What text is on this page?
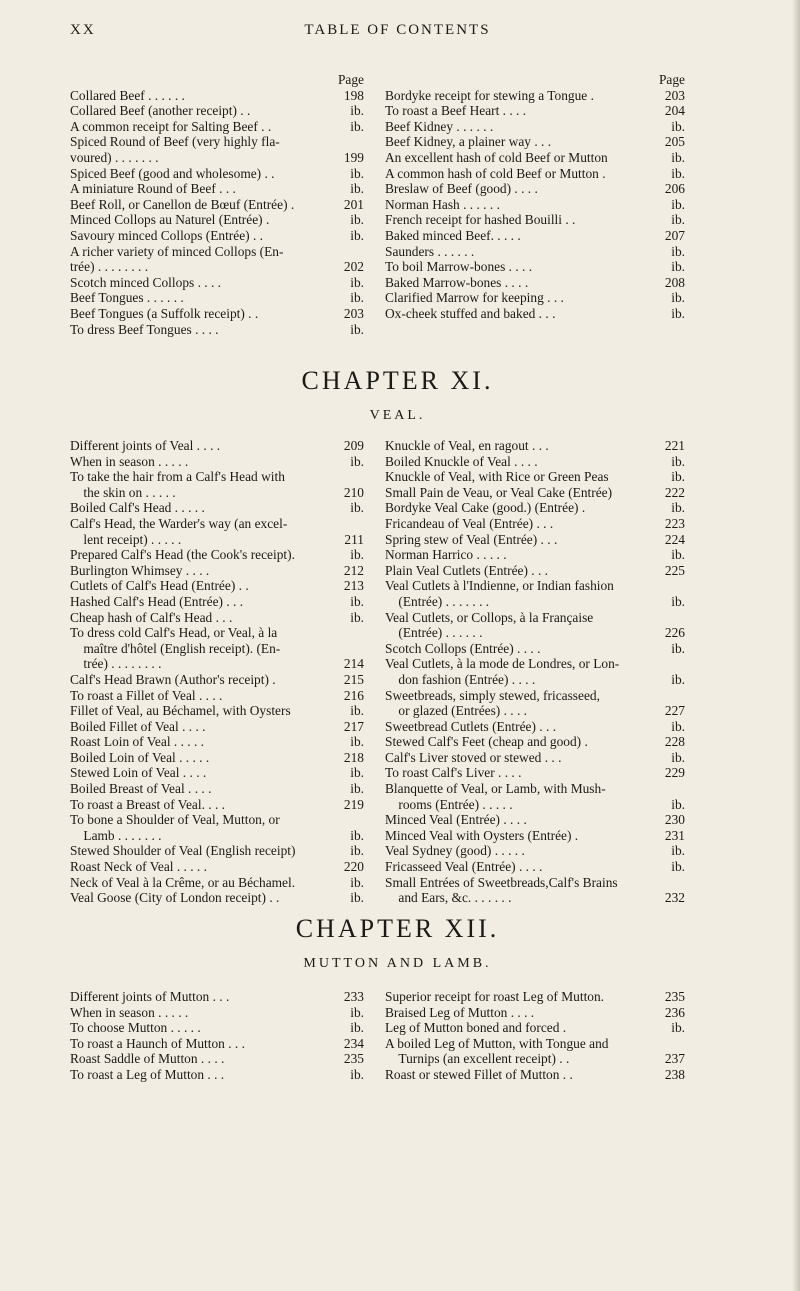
XX	TABLE OF CONTENTS
Page
Collared Beef . . . . . .	198
Collared Beef (another receipt) . .	ib.
A common receipt for Salting Beef . .	ib.
Spiced Round of Beef (very highly fla-
voured) . . . . . . .	199
Spiced Beef (good and wholesome) . .	ib.
A miniature Round of Beef . . .	ib.
Beef Roll, or Canellon de Bœuf (Entrée) .	201
Minced Collops au Naturel (Entrée) .	ib.
Savoury minced Collops (Entrée) . .	ib.
A richer variety of minced Collops (En-
trée) . . . . . . . .	202
Scotch minced Collops . . . .	ib.
Beef Tongues . . . . . .	ib.
Beef Tongues (a Suffolk receipt) . .	203
To dress Beef Tongues . . . .	ib.
Page
Bordyke receipt for stewing a Tongue .	203
To roast a Beef Heart . . . .	204
Beef Kidney . . . . . .	ib.
Beef Kidney, a plainer way . . .	205
An excellent hash of cold Beef or Mutton	ib.
A common hash of cold Beef or Mutton .	ib.
Breslaw of Beef (good) . . . .	206
Norman Hash . . . . . .	ib.
French receipt for hashed Bouilli . .	ib.
Baked minced Beef. . . . .	207
Saunders . . . . . .	ib.
To boil Marrow-bones . . . .	ib.
Baked Marrow-bones . . . .	208
Clarified Marrow for keeping . . .	ib.
Ox-cheek stuffed and baked . . .	ib.
CHAPTER XI.
VEAL.
Different joints of Veal . . . .	209
When in season . . . . .	ib.
To take the hair from a Calf's Head with
 the skin on . . . . .	210
Boiled Calf's Head . . . . .	ib.
Calf's Head, the Warder's way (an excel-
 lent receipt) . . . . .	211
Prepared Calf's Head (the Cook's receipt).	ib.
Burlington Whimsey . . . .	212
Cutlets of Calf's Head (Entrée) . .	213
Hashed Calf's Head (Entrée) . . .	ib.
Cheap hash of Calf's Head . . .	ib.
To dress cold Calf's Head, or Veal, à la
 maître d'hôtel (English receipt). (En-
 trée) . . . . . . . .	214
Calf's Head Brawn (Author's receipt) .	215
To roast a Fillet of Veal . . . .	216
Fillet of Veal, au Béchamel, with Oysters	ib.
Boiled Fillet of Veal . . . .	217
Roast Loin of Veal . . . . .	ib.
Boiled Loin of Veal . . . . .	218
Stewed Loin of Veal . . . .	ib.
Boiled Breast of Veal . . . .	ib.
To roast a Breast of Veal. . . .	219
To bone a Shoulder of Veal, Mutton, or
 Lamb . . . . . . .	ib.
Stewed Shoulder of Veal (English receipt)	ib.
Roast Neck of Veal . . . . .	220
Neck of Veal à la Crême, or au Béchamel.	ib.
Veal Goose (City of London receipt) . .	ib.
Knuckle of Veal, en ragout . . .	221
Boiled Knuckle of Veal . . . .	ib.
Knuckle of Veal, with Rice or Green Peas	ib.
Small Pain de Veau, or Veal Cake (Entrée)	222
Bordyke Veal Cake (good.) (Entrée) .	ib.
Fricandeau of Veal (Entrée) . . .	223
Spring stew of Veal (Entrée) . . .	224
Norman Harrico . . . . .	ib.
Plain Veal Cutlets (Entrée) . . .	225
Veal Cutlets à l'Indienne, or Indian fashion
 (Entrée) . . . . . . .	ib.
Veal Cutlets, or Collops, à la Française
 (Entrée) . . . . . .	226
Scotch Collops (Entrée) . . . .	ib.
Veal Cutlets, à la mode de Londres, or Lon-
 don fashion (Entrée) . . . .	ib.
Sweetbreads, simply stewed, fricasseed,
 or glazed (Entrées) . . . .	227
Sweetbread Cutlets (Entrée) . . .	ib.
Stewed Calf's Feet (cheap and good) .	228
Calf's Liver stoved or stewed . . .	ib.
To roast Calf's Liver . . . .	229
Blanquette of Veal, or Lamb, with Mush-
 rooms (Entrée) . . . . .	ib.
Minced Veal (Entrée) . . . .	230
Minced Veal with Oysters (Entrée) .	231
Veal Sydney (good) . . . . .	ib.
Fricasseed Veal (Entrée) . . . .	ib.
Small Entrées of Sweetbreads,Calf's Brains
 and Ears, &c. . . . . . .	232
CHAPTER XII.
MUTTON AND LAMB.
Different joints of Mutton . . .	233
When in season . . . . .	ib.
To choose Mutton . . . . .	ib.
To roast a Haunch of Mutton . . .	234
Roast Saddle of Mutton . . . .	235
To roast a Leg of Mutton . . .	ib.
Superior receipt for roast Leg of Mutton.	235
Braised Leg of Mutton . . . .	236
Leg of Mutton boned and forced .	ib.
A boiled Leg of Mutton, with Tongue and
 Turnips (an excellent receipt) . .	237
Roast or stewed Fillet of Mutton . .	238
